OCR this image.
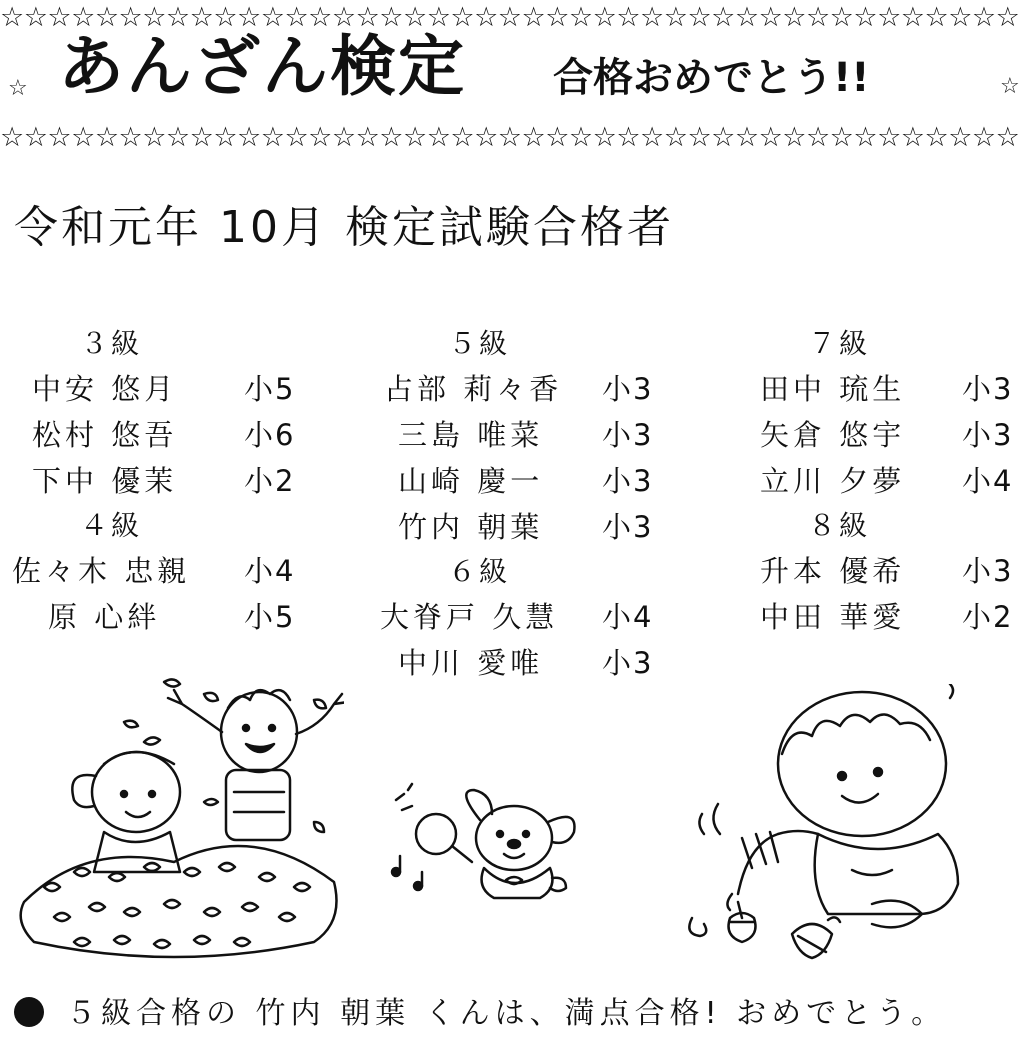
☆☆☆☆☆☆☆☆☆☆☆☆☆☆☆☆☆☆☆☆☆☆☆☆☆☆☆☆☆☆☆☆☆☆☆☆☆☆☆☆☆☆☆
☆ あんざん検定 合格おめでとう!!	☆
☆☆☆☆☆☆☆☆☆☆☆☆☆☆☆☆☆☆☆☆☆☆☆☆☆☆☆☆☆☆☆☆☆☆☆☆☆☆☆☆☆☆☆
令和元年 10月 検定試験合格者
３級
中安 悠月 小5
松村 悠吾 小6
下中 優茉 小2
４級
佐々木 忠親 小4
原 心絆	小5
５級
占部 莉々香 小3
三島 唯菜 小3
山崎 慶一 小3
竹内 朝葉 小3
６級
大脊戸 久慧 小4
中川 愛唯 小3
７級
田中 琉生 小3
矢倉 悠宇 小3
立川 夕夢 小4
８級
升本 優希 小3
中田 華愛 小2
５級合格の 竹内 朝葉 くんは、満点合格! おめでとう。
